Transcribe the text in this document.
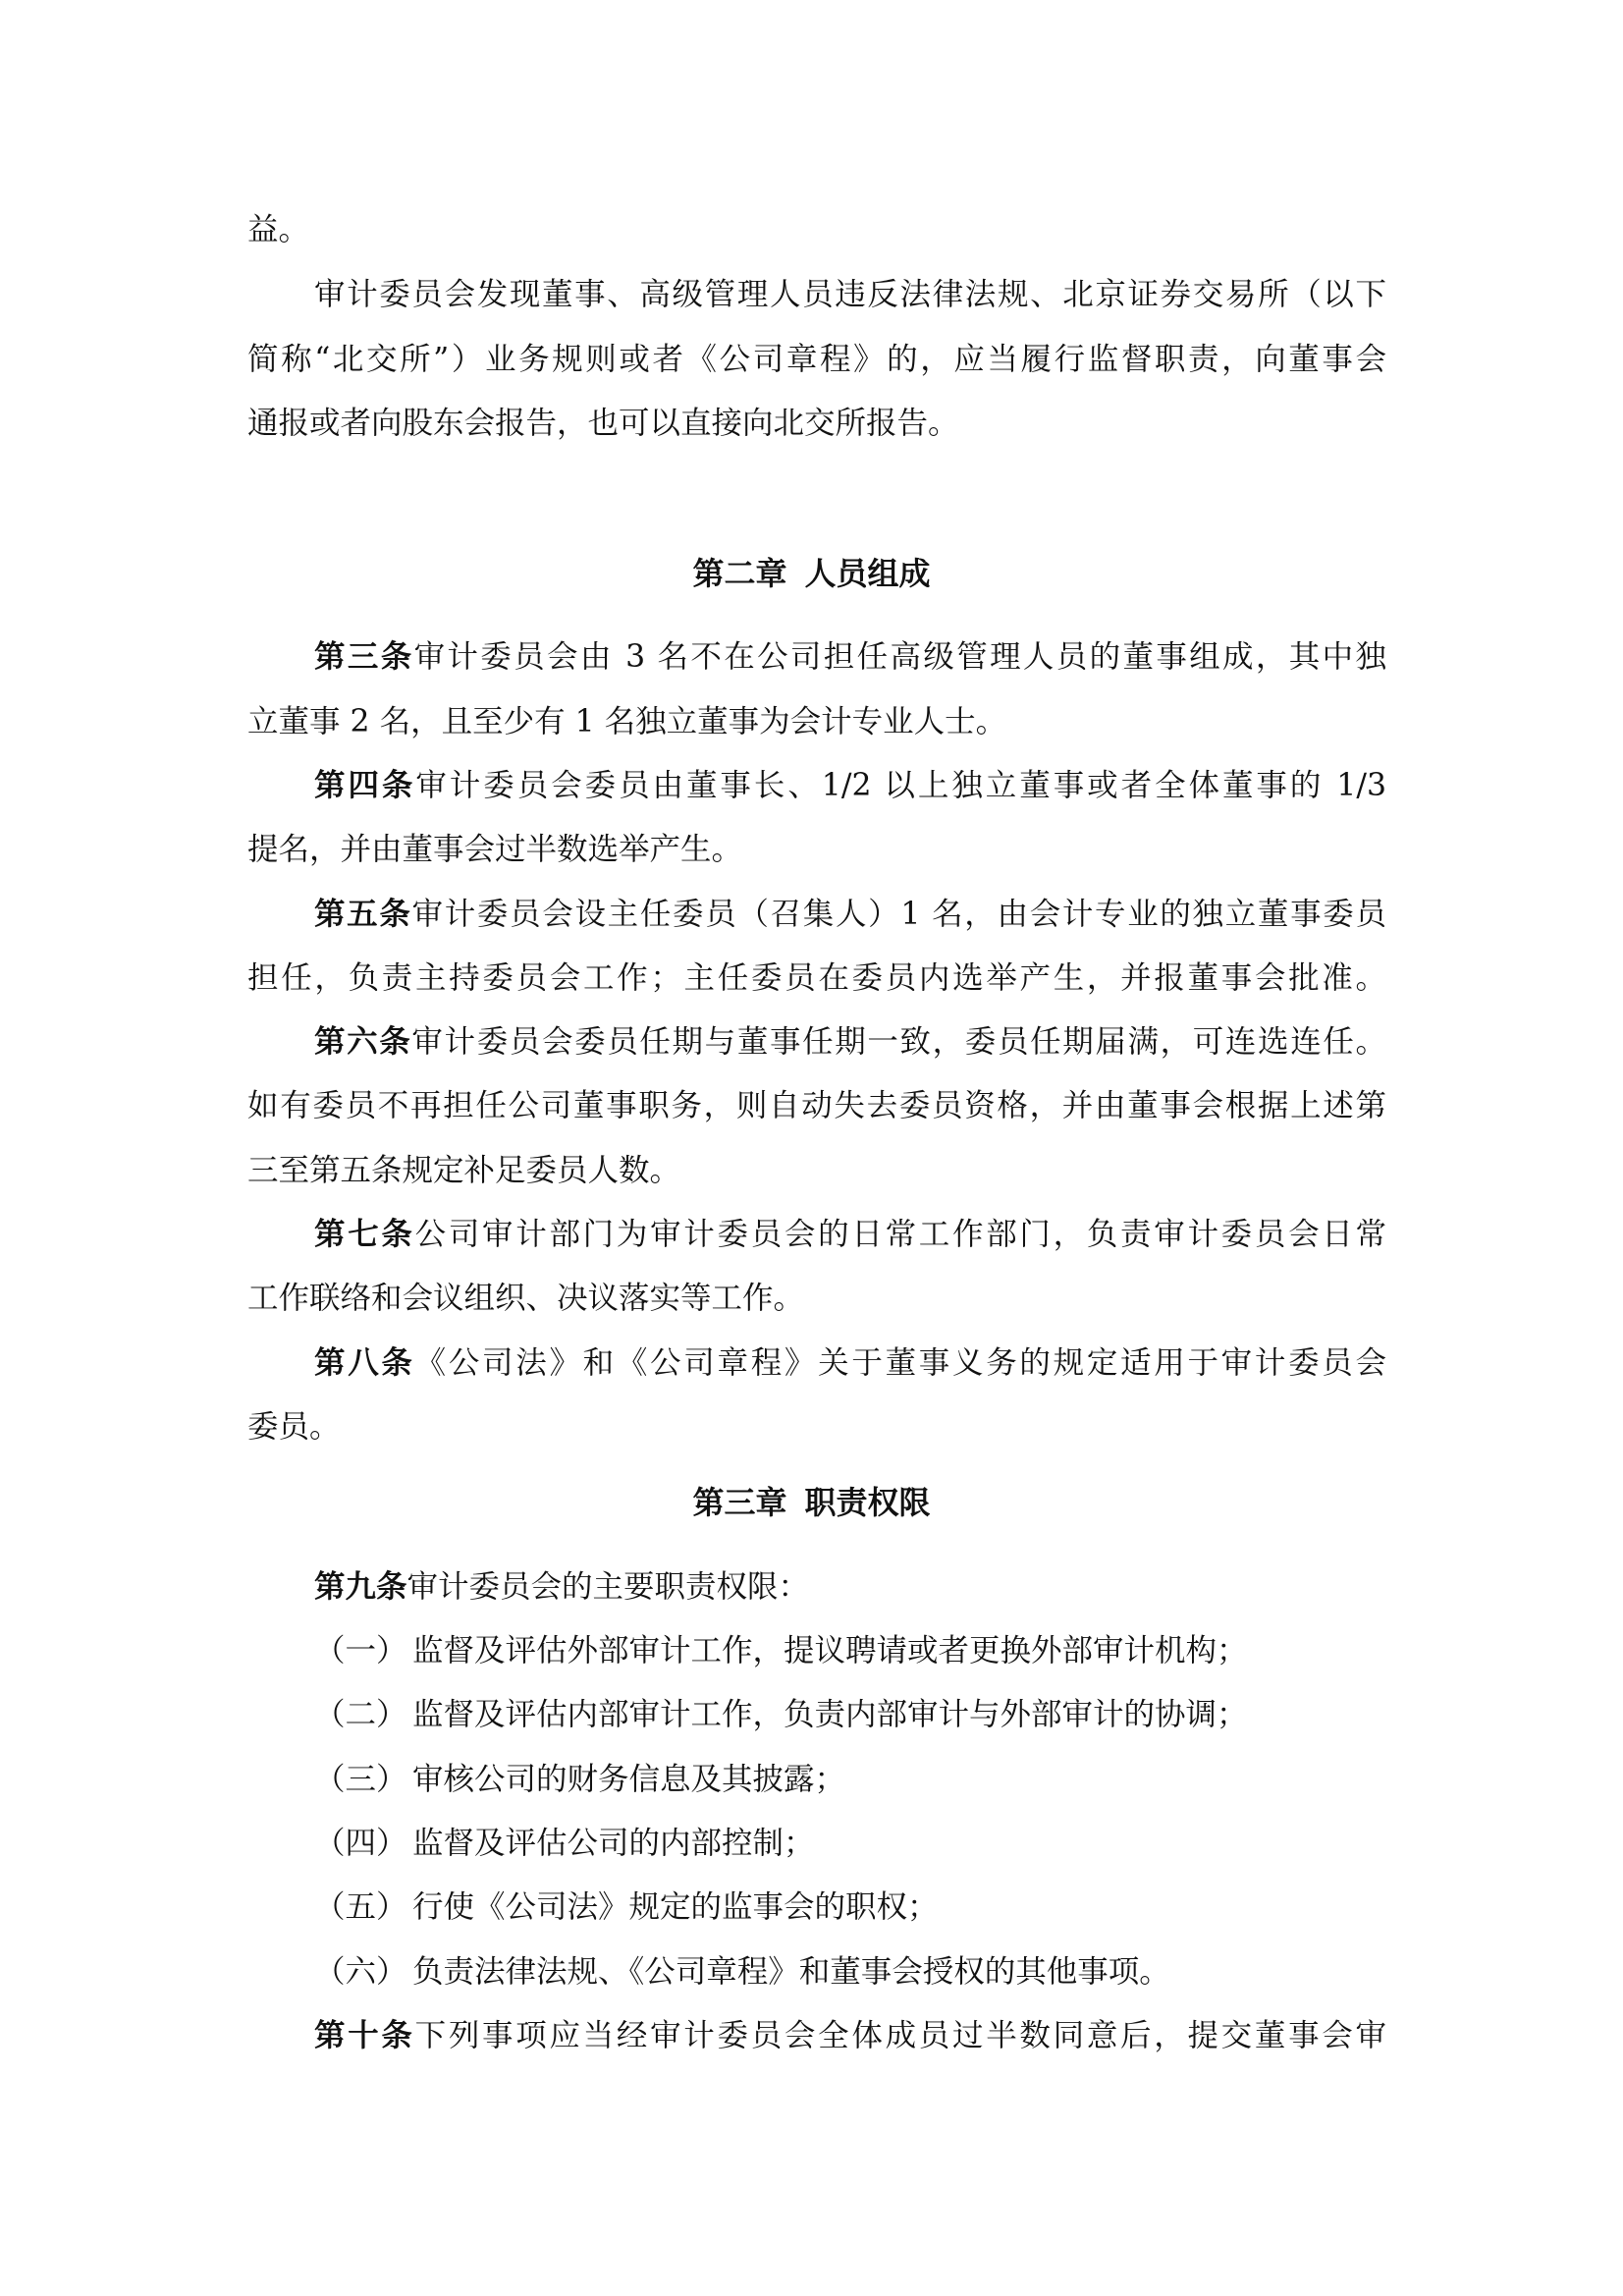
益。
审计委员会发现董事、高级管理人员违反法律法规、北京证券交易所（以下
简称“北交所”）业务规则或者《公司章程》的，应当履行监督职责，向董事会
通报或者向股东会报告，也可以直接向北交所报告。
第二章 人员组成
第三条审计委员会由 3 名不在公司担任高级管理人员的董事组成，其中独
立董事 2 名，且至少有 1 名独立董事为会计专业人士。
第四条审计委员会委员由董事长、1/2 以上独立董事或者全体董事的 1/3
提名，并由董事会过半数选举产生。
第五条审计委员会设主任委员（召集人）1 名，由会计专业的独立董事委员
担任，负责主持委员会工作；主任委员在委员内选举产生，并报董事会批准。
第六条审计委员会委员任期与董事任期一致，委员任期届满，可连选连任。
如有委员不再担任公司董事职务，则自动失去委员资格，并由董事会根据上述第
三至第五条规定补足委员人数。
第七条公司审计部门为审计委员会的日常工作部门，负责审计委员会日常
工作联络和会议组织、决议落实等工作。
第八条《公司法》和《公司章程》关于董事义务的规定适用于审计委员会
委员。
第三章 职责权限
第九条审计委员会的主要职责权限：
（一） 监督及评估外部审计工作，提议聘请或者更换外部审计机构；
（二） 监督及评估内部审计工作，负责内部审计与外部审计的协调；
（三） 审核公司的财务信息及其披露；
（四） 监督及评估公司的内部控制；
（五） 行使《公司法》规定的监事会的职权；
（六） 负责法律法规、《公司章程》和董事会授权的其他事项。
第十条下列事项应当经审计委员会全体成员过半数同意后，提交董事会审
